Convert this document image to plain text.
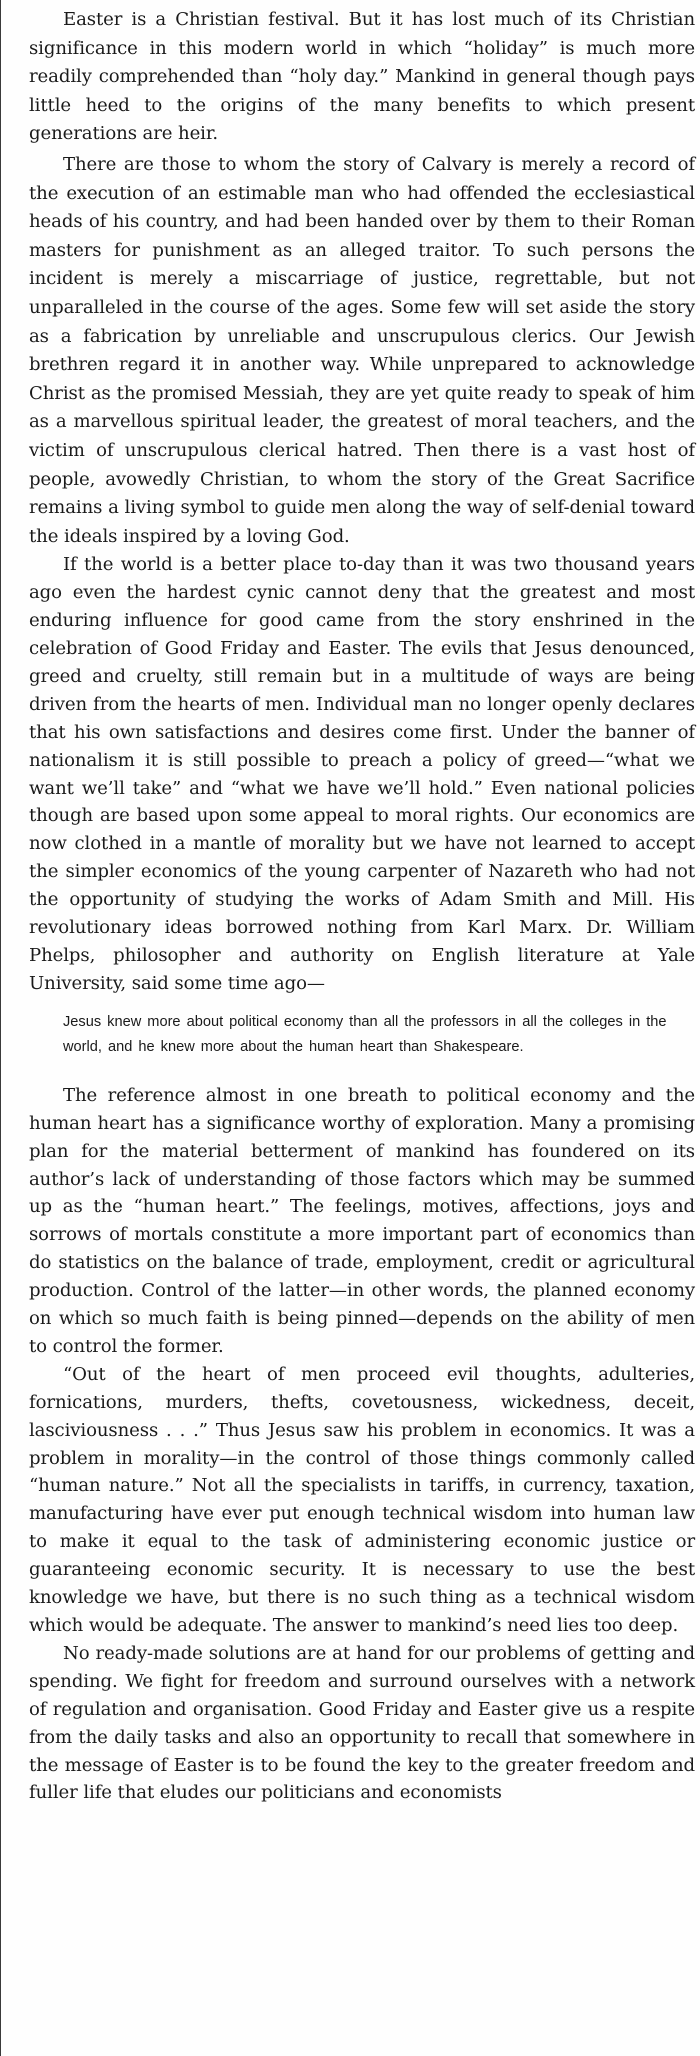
Easter is a Christian festival. But it has lost much of its Christian significance in this modern world in which “holiday” is much more readily comprehended than “holy day.” Mankind in general though pays little heed to the origins of the many benefits to which present generations are heir.

There are those to whom the story of Calvary is merely a record of the execution of an estimable man who had offended the ecclesiastical heads of his country, and had been handed over by them to their Roman masters for punishment as an alleged traitor. To such persons the incident is merely a miscarriage of justice, regrettable, but not unparalleled in the course of the ages. Some few will set aside the story as a fabrication by unreliable and unscrupulous clerics. Our Jewish brethren regard it in another way. While unprepared to acknowledge Christ as the promised Messiah, they are yet quite ready to speak of him as a marvellous spiritual leader, the greatest of moral teachers, and the victim of unscrupulous clerical hatred. Then there is a vast host of people, avowedly Christian, to whom the story of the Great Sacrifice remains a living symbol to guide men along the way of self-denial toward the ideals inspired by a loving God.

If the world is a better place to-day than it was two thousand years ago even the hardest cynic cannot deny that the greatest and most enduring influence for good came from the story enshrined in the celebration of Good Friday and Easter. The evils that Jesus denounced, greed and cruelty, still remain but in a multitude of ways are being driven from the hearts of men. Individual man no longer openly declares that his own satisfactions and desires come first. Under the banner of nationalism it is still possible to preach a policy of greed—“what we want we’ll take” and “what we have we’ll hold.” Even national policies though are based upon some appeal to moral rights. Our economics are now clothed in a mantle of morality but we have not learned to accept the simpler economics of the young carpenter of Nazareth who had not the opportunity of studying the works of Adam Smith and Mill. His revolutionary ideas borrowed nothing from Karl Marx. Dr. William Phelps, philosopher and authority on English literature at Yale University, said some time ago—

Jesus knew more about political economy than all the professors in all the colleges in the world, and he knew more about the human heart than Shakespeare.

The reference almost in one breath to political economy and the human heart has a significance worthy of exploration. Many a promising plan for the material betterment of mankind has foundered on its author’s lack of understanding of those factors which may be summed up as the “human heart.” The feelings, motives, affections, joys and sorrows of mortals constitute a more important part of economics than do statistics on the balance of trade, employment, credit or agricultural production. Control of the latter—in other words, the planned economy on which so much faith is being pinned—depends on the ability of men to control the former.

“Out of the heart of men proceed evil thoughts, adulteries, fornications, murders, thefts, covetousness, wickedness, deceit, lasciviousness . . .” Thus Jesus saw his problem in economics. It was a problem in morality—in the control of those things commonly called “human nature.” Not all the specialists in tariffs, in currency, taxation, manufacturing have ever put enough technical wisdom into human law to make it equal to the task of administering economic justice or guaranteeing economic security. It is necessary to use the best knowledge we have, but there is no such thing as a technical wisdom which would be adequate. The answer to mankind’s need lies too deep.

No ready-made solutions are at hand for our problems of getting and spending. We fight for freedom and surround ourselves with a network of regulation and organisation. Good Friday and Easter give us a respite from the daily tasks and also an opportunity to recall that somewhere in the message of Easter is to be found the key to the greater freedom and fuller life that eludes our politicians and economists
